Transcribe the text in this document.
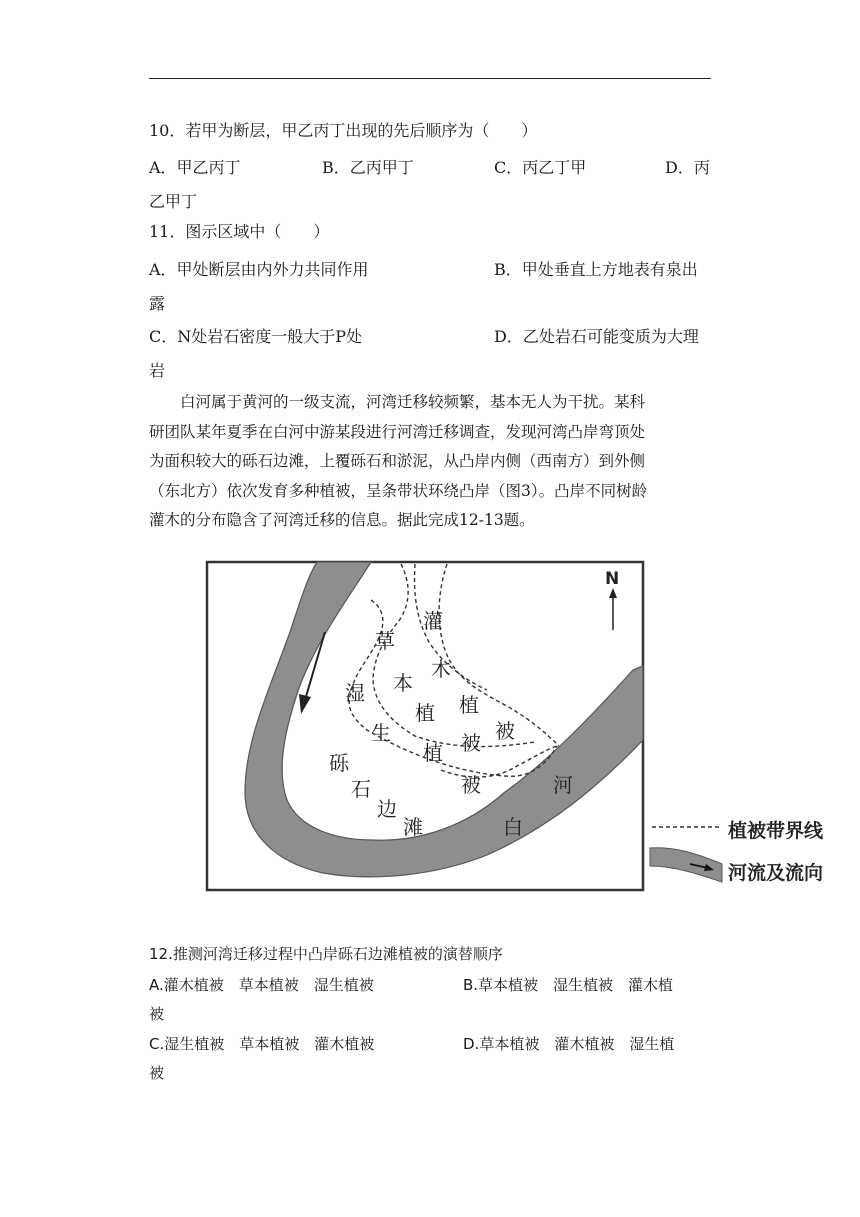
10．若甲为断层，甲乙丙丁出现的先后顺序为（　　）
A．甲乙丙丁	B．乙丙甲丁	C．丙乙丁甲	D．丙
乙甲丁
11．图示区域中（　　）
A．甲处断层由内外力共同作用	B．甲处垂直上方地表有泉出
露
C．N处岩石密度一般大于P处	D．乙处岩石可能变质为大理
岩
　　白河属于黄河的一级支流，河湾迁移较频繁，基本无人为干扰。某科
研团队某年夏季在白河中游某段进行河湾迁移调查，发现河湾凸岸弯顶处
为面积较大的砾石边滩，上覆砾石和淤泥，从凸岸内侧（西南方）到外侧
（东北方）依次发育多种植被，呈条带状环绕凸岸（图3）。凸岸不同树龄
灌木的分布隐含了河湾迁移的信息。据此完成12-13题。
N
灌
木
植
被
草
本
植
被
湿
生
植
被
砾
石
边
滩
河
白	植被带界线
河流及流向
12.推测河湾迁移过程中凸岸砾石边滩植被的演替顺序
A.灌木植被　草本植被　湿生植被	B.草本植被　湿生植被　灌木植
被
C.湿生植被　草本植被　灌木植被	D.草本植被　灌木植被　湿生植
被
